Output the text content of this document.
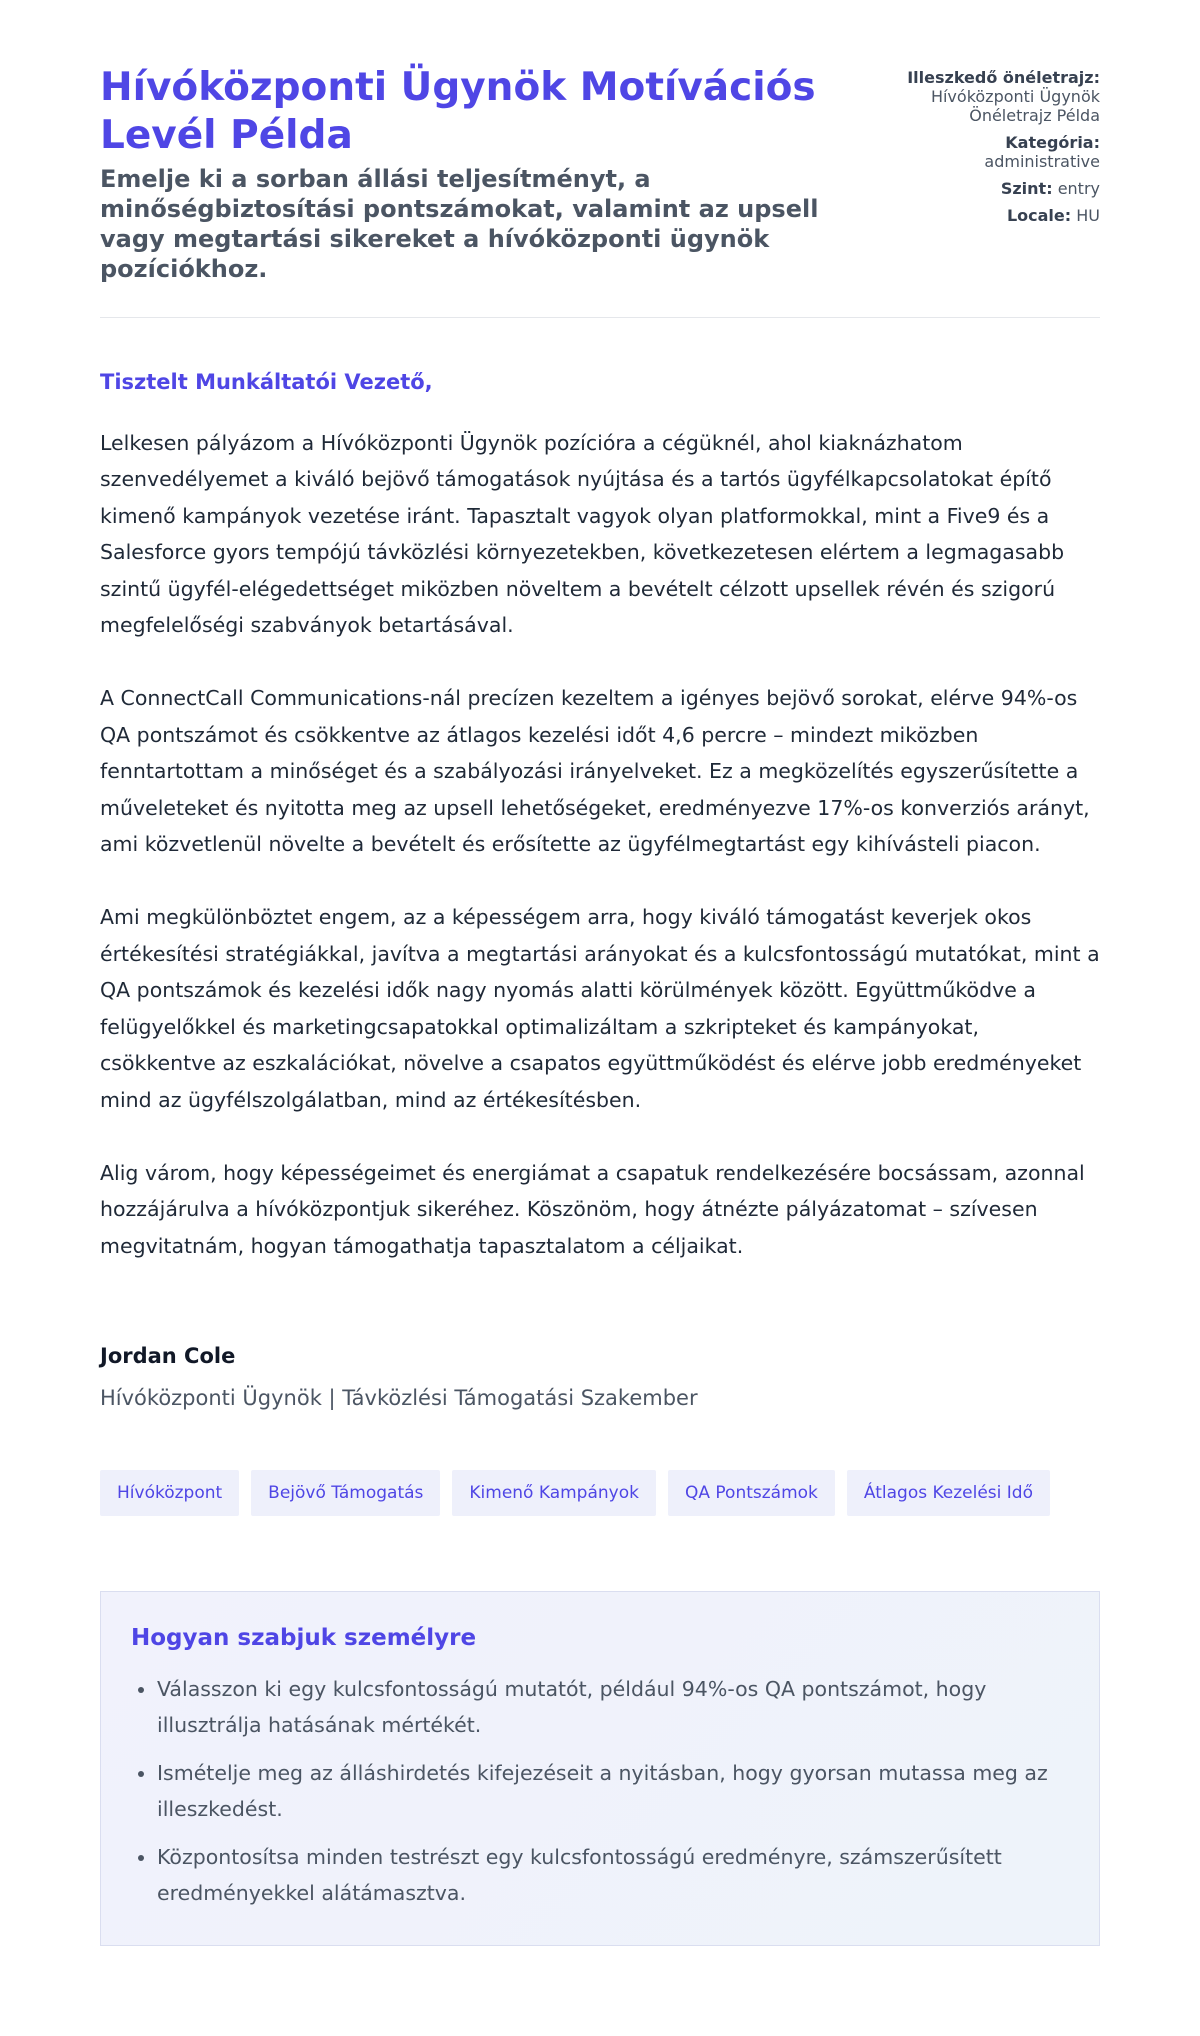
Hívóközponti Ügynök Motívációs Levél Példa

Emelje ki a sorban állási teljesítményt, a minőségbiztosítási pontszámokat, valamint az upsell vagy megtartási sikereket a hívóközponti ügynök pozíciókhoz.

Illeszkedő önéletrajz:
Hívóközponti Ügynök Önéletrajz Példa
Kategória:
administrative
Szint: entry
Locale: HU

Tisztelt Munkáltatói Vezető,

Lelkesen pályázom a Hívóközponti Ügynök pozícióra a cégüknél, ahol kiaknázhatom szenvedélyemet a kiváló bejövő támogatások nyújtása és a tartós ügyfélkapcsolatokat építő kimenő kampányok vezetése iránt. Tapasztalt vagyok olyan platformokkal, mint a Five9 és a Salesforce gyors tempójú távközlési környezetekben, következetesen elértem a legmagasabb szintű ügyfél-elégedettséget miközben növeltem a bevételt célzott upsellek révén és szigorú megfelelőségi szabványok betartásával.

A ConnectCall Communications-nál precízen kezeltem a igényes bejövő sorokat, elérve 94%-os QA pontszámot és csökkentve az átlagos kezelési időt 4,6 percre – mindezt miközben fenntartottam a minőséget és a szabályozási irányelveket. Ez a megközelítés egyszerűsítette a műveleteket és nyitotta meg az upsell lehetőségeket, eredményezve 17%-os konverziós arányt, ami közvetlenül növelte a bevételt és erősítette az ügyfélmegtartást egy kihívásteli piacon.

Ami megkülönböztet engem, az a képességem arra, hogy kiváló támogatást keverjek okos értékesítési stratégiákkal, javítva a megtartási arányokat és a kulcsfontosságú mutatókat, mint a QA pontszámok és kezelési idők nagy nyomás alatti körülmények között. Együttműködve a felügyelőkkel és marketingcsapatokkal optimalizáltam a szkripteket és kampányokat, csökkentve az eszkalációkat, növelve a csapatos együttműködést és elérve jobb eredményeket mind az ügyfélszolgálatban, mind az értékesítésben.

Alig várom, hogy képességeimet és energiámat a csapatuk rendelkezésére bocsássam, azonnal hozzájárulva a hívóközpontjuk sikeréhez. Köszönöm, hogy átnézte pályázatomat – szívesen megvitatnám, hogyan támogathatja tapasztalatom a céljaikat.

Jordan Cole

Hívóközponti Ügynök | Távközlési Támogatási Szakember

Hívóközpont	Bejövő Támogatás	Kimenő Kampányok	QA Pontszámok	Átlagos Kezelési Idő
Hogyan szabjuk személyre
• Válasszon ki egy kulcsfontosságú mutatót, például 94%-os QA pontszámot, hogy illusztrálja hatásának mértékét.
• Ismételje meg az álláshirdetés kifejezéseit a nyitásban, hogy gyorsan mutassa meg az illeszkedést.
• Központosítsa minden testrészt egy kulcsfontosságú eredményre, számszerűsített eredményekkel alátámasztva.
